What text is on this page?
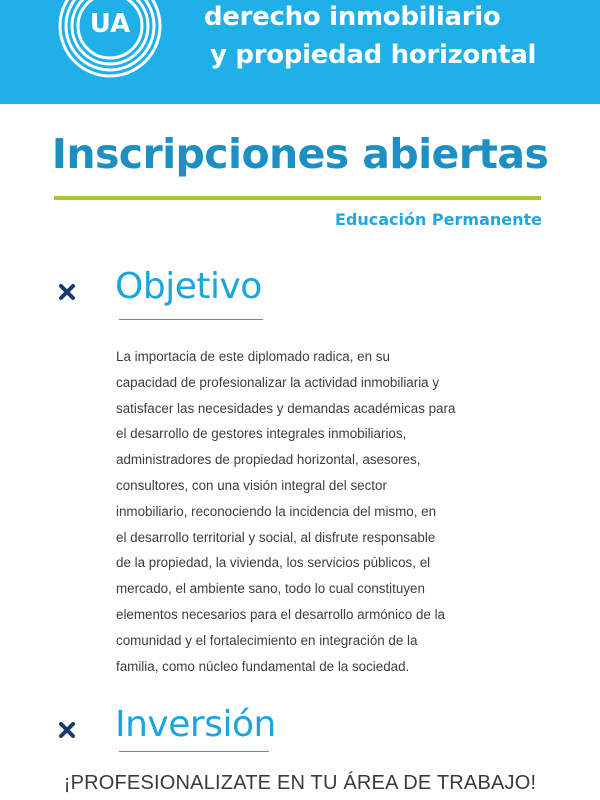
UA	derecho inmobiliario
y propiedad horizontal
Inscripciones abiertas
Educación Permanente
Objetivo
La importacia de este diplomado radica, en su
capacidad de profesionalizar la actividad inmobiliaria y
satisfacer las necesidades y demandas académicas para
el desarrollo de gestores integrales inmobiliarios,
administradores de propiedad horizontal, asesores,
consultores, con una visión integral del sector
inmobiliario, reconociendo la incidencia del mismo, en
el desarrollo territorial y social, al disfrute responsable
de la propiedad, la vivienda, los servicios públicos, el
mercado, el ambiente sano, todo lo cual constituyen
elementos necesarios para el desarrollo armónico de la
comunidad y el fortalecimiento en integración de la
familia, como núcleo fundamental de la sociedad.
Inversión
¡PROFESIONALIZATE EN TU ÁREA DE TRABAJO!
